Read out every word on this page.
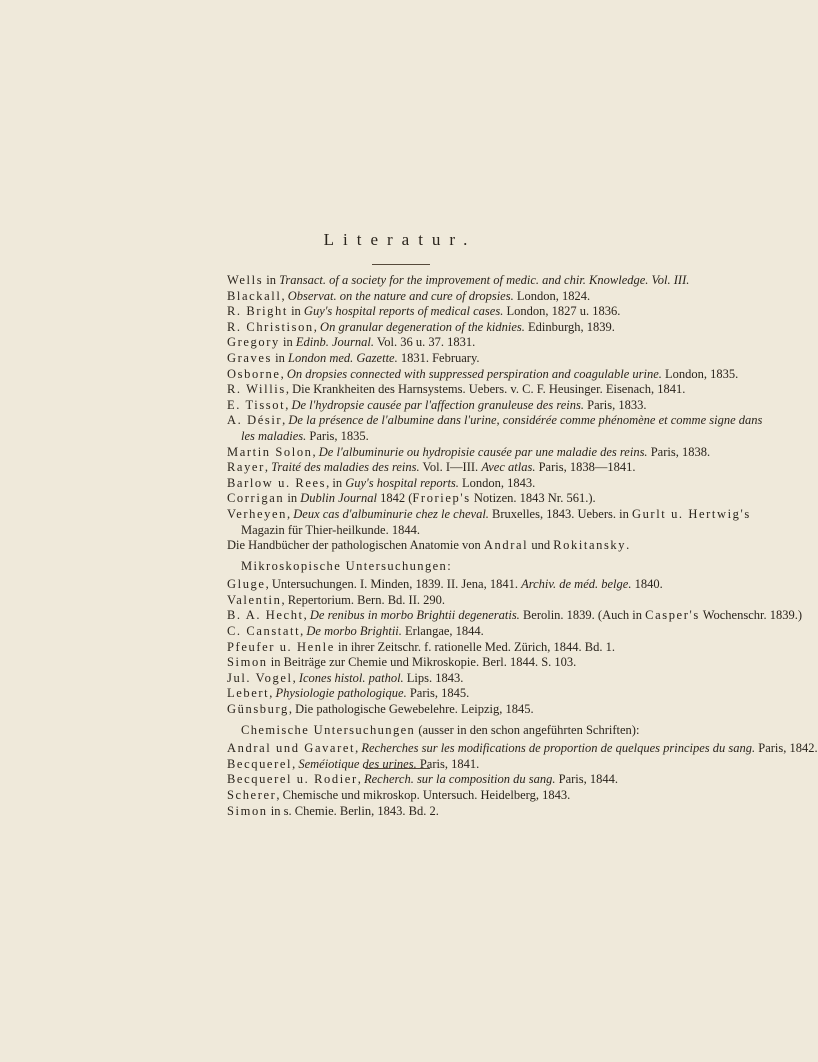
Literatur.
Wells in Transact. of a society for the improvement of medic. and chir. Knowledge. Vol. III.
Blackall, Observat. on the nature and cure of dropsies. London, 1824.
R. Bright in Guy's hospital reports of medical cases. London, 1827 u. 1836.
R. Christison, On granular degeneration of the kidnies. Edinburgh, 1839.
Gregory in Edinb. Journal. Vol. 36 u. 37. 1831.
Graves in London med. Gazette. 1831. February.
Osborne, On dropsies connected with suppressed perspiration and coagulable urine. London, 1835.
R. Willis, Die Krankheiten des Harnsystems. Uebers. v. C. F. Heusinger. Eisenach, 1841.
E. Tissot, De l'hydropsie causée par l'affection granuleuse des reins. Paris, 1833.
A. Désir, De la présence de l'albumine dans l'urine, considérée comme phénomène et comme signe dans les maladies. Paris, 1835.
Martin Solon, De l'albuminurie ou hydropisie causée par une maladie des reins. Paris, 1838.
Rayer, Traité des maladies des reins. Vol. I—III. Avec atlas. Paris, 1838—1841.
Barlow u. Rees, in Guy's hospital reports. London, 1843.
Corrigan in Dublin Journal 1842 (Froriep's Notizen. 1843 Nr. 561.).
Verheyen, Deux cas d'albuminurie chez le cheval. Bruxelles, 1843. Uebers. in Gurlt u. Hertwig's Magazin für Thier-heilkunde. 1844.
Die Handbücher der pathologischen Anatomie von Andral und Rokitansky.
Mikroskopische Untersuchungen:
Gluge, Untersuchungen. I. Minden, 1839. II. Jena, 1841. Archiv. de méd. belge. 1840.
Valentin, Repertorium. Bern. Bd. II. 290.
B. A. Hecht, De renibus in morbo Brightii degeneratis. Berolin. 1839. (Auch in Casper's Wochenschr. 1839.)
C. Canstatt, De morbo Brightii. Erlangae, 1844.
Pfeufer u. Henle in ihrer Zeitschr. f. rationelle Med. Zürich, 1844. Bd. 1.
Simon in Beiträge zur Chemie und Mikroskopie. Berl. 1844. S. 103.
Jul. Vogel, Icones histol. pathol. Lips. 1843.
Lebert, Physiologie pathologique. Paris, 1845.
Günsburg, Die pathologische Gewebelehre. Leipzig, 1845.
Chemische Untersuchungen (ausser in den schon angeführten Schriften):
Andral und Gavaret, Recherches sur les modifications de proportion de quelques principes du sang. Paris, 1842.
Becquerel, Seméiotique des urines. Paris, 1841.
Becquerel u. Rodier, Recherch. sur la composition du sang. Paris, 1844.
Scherer, Chemische und mikroskop. Untersuch. Heidelberg, 1843.
Simon in s. Chemie. Berlin, 1843. Bd. 2.
